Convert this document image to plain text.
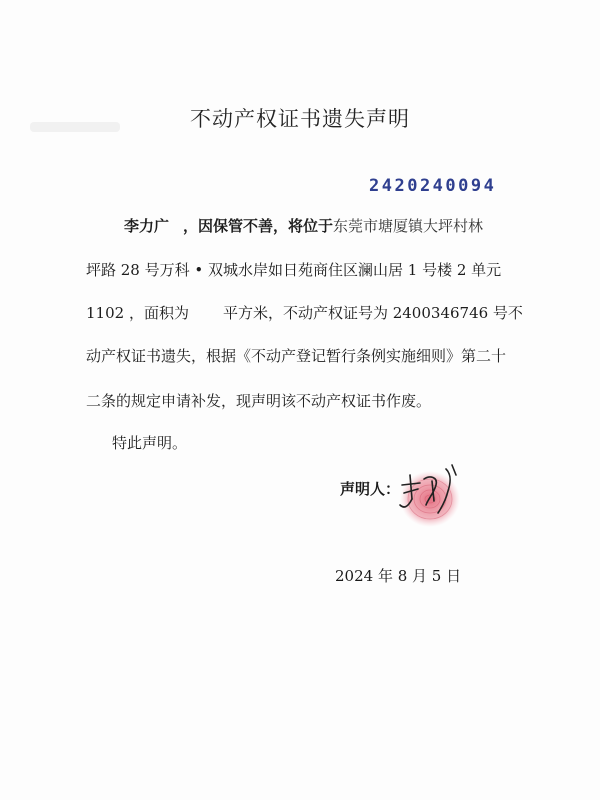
不动产权证书遗失声明
2420240094
李力广 ，因保管不善，将位于东莞市塘厦镇大坪村林
坪路 28 号万科 • 双城水岸如日苑商住区澜山居 1 号楼 2 单元
1102 ，面积为 平方米，不动产权证号为 2400346746 号不
动产权证书遗失，根据《不动产登记暂行条例实施细则》第二十
二条的规定申请补发，现声明该不动产权证书作废。
特此声明。
声明人：
2024 年 8 月 5 日
